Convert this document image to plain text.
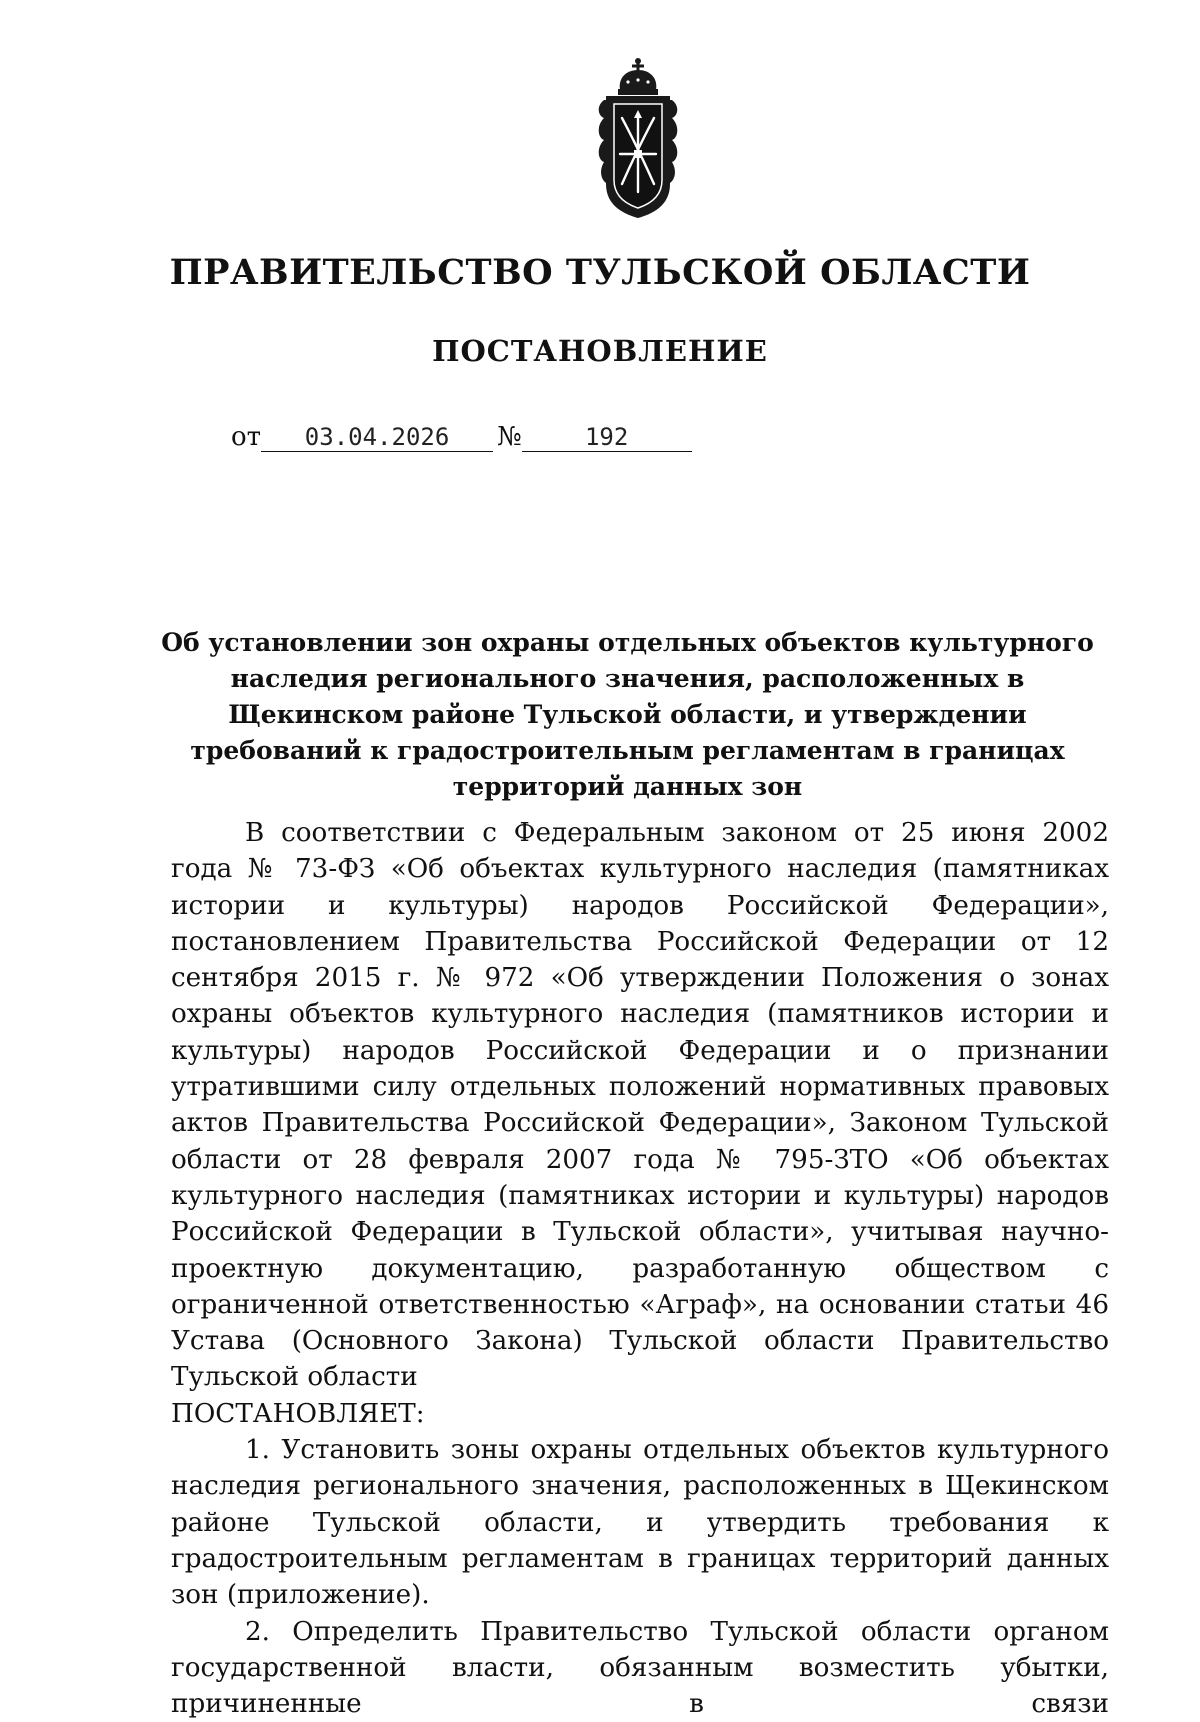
ПРАВИТЕЛЬСТВО ТУЛЬСКОЙ ОБЛАСТИ
ПОСТАНОВЛЕНИЕ
от	03.04.2026	№	192
Об установлении зон охраны отдельных объектов культурного наследия регионального значения, расположенных в Щекинском районе Тульской области, и утверждении требований к градостроительным регламентам в границах территорий данных зон

В соответствии с Федеральным законом от 25 июня 2002 года № 73-ФЗ «Об объектах культурного наследия (памятниках истории и культуры) народов Российской Федерации», постановлением Правительства Российской Федерации от 12 сентября 2015 г. № 972 «Об утверждении Положения о зонах охраны объектов культурного наследия (памятников истории и культуры) народов Российской Федерации и о признании утратившими силу отдельных положений нормативных правовых актов Правительства Российской Федерации», Законом Тульской области от 28 февраля 2007 года № 795-ЗТО «Об объектах культурного наследия (памятниках истории и культуры) народов Российской Федерации в Тульской области», учитывая научно-проектную документацию, разработанную обществом с ограниченной ответственностью «Аграф», на основании статьи 46 Устава (Основного Закона) Тульской области Правительство Тульской области

ПОСТАНОВЛЯЕТ:

1. Установить зоны охраны отдельных объектов культурного наследия регионального значения, расположенных в Щекинском районе Тульской области, и утвердить требования к градостроительным регламентам в границах территорий данных зон (приложение).

2. Определить Правительство Тульской области органом государственной власти, обязанным возместить убытки, причиненные в связи
